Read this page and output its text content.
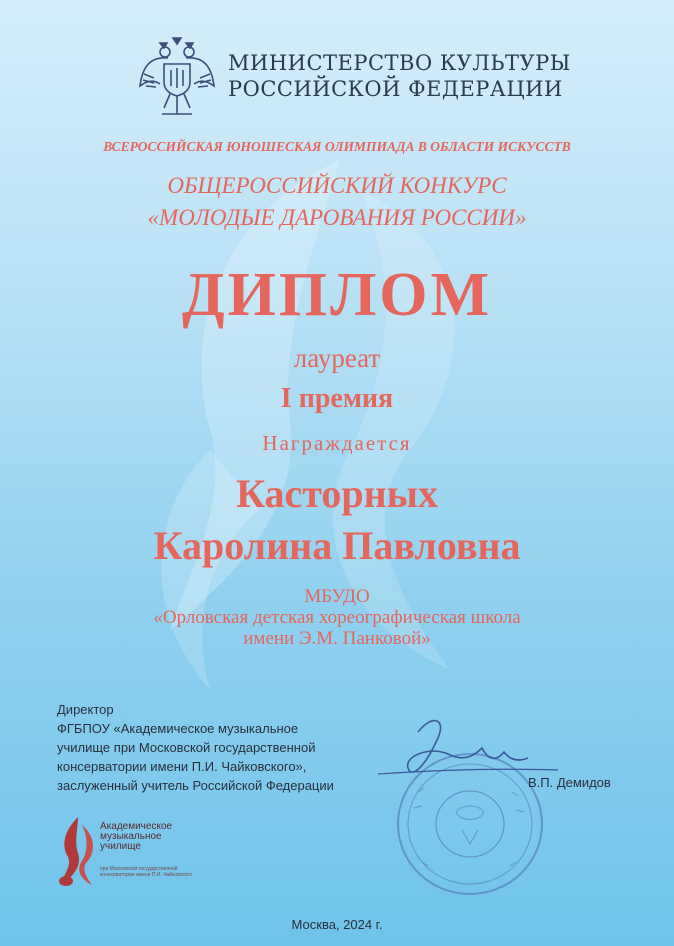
МИНИСТЕРСТВО КУЛЬТУРЫ
РОССИЙСКОЙ ФЕДЕРАЦИИ
ВСЕРОССИЙСКАЯ ЮНОШЕСКАЯ ОЛИМПИАДА В ОБЛАСТИ ИСКУССТВ
ОБЩЕРОССИЙСКИЙ КОНКУРС
«МОЛОДЫЕ ДАРОВАНИЯ РОССИИ»
ДИПЛОМ
лауреат
I премия
Награждается
Касторных
Каролина Павловна
МБУДО
«Орловская детская хореографическая школа
имени Э.М. Панковой»
Директор
ФГБПОУ «Академическое музыкальное
училище при Московской государственной
консерватории имени П.И. Чайковского»,
заслуженный учитель Российской Федерации	В.П. Демидов
Академическое
музыкальное
училище
при Московской государственной консерватории имени П.И. Чайковского
Москва, 2024 г.
